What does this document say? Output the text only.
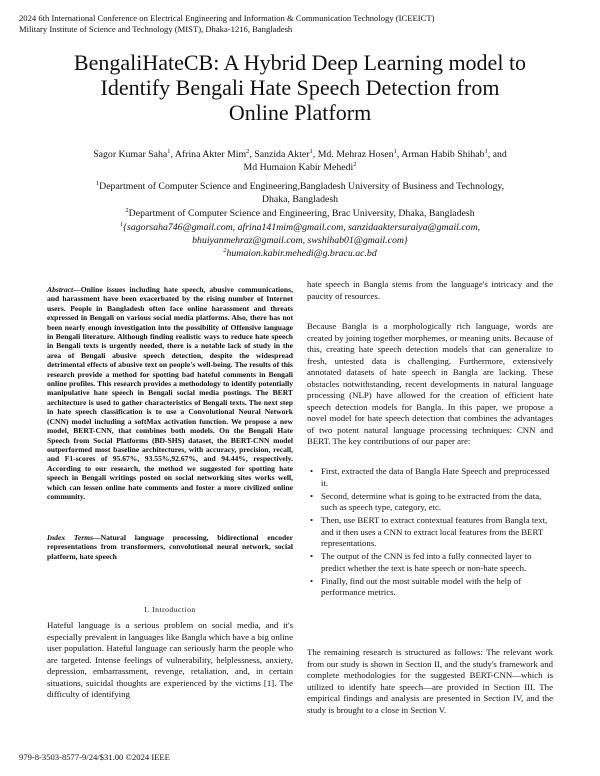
2024 6th International Conference on Electrical Engineering and Information & Communication Technology (ICEEICT)
Military Institute of Science and Technology (MIST), Dhaka-1216, Bangladesh
BengaliHateCB: A Hybrid Deep Learning model to
Identify Bengali Hate Speech Detection from
Online Platform
Sagor Kumar Saha$^1$, Afrina Akter Mim$^2$, Sanzida Akter$^1$, Md. Mehraz Hosen$^1$, Arman Habib Shihab$^1$, and
Md Humaion Kabir Mehedi$^2$
$^1$Department of Computer Science and Engineering,Bangladesh University of Business and Technology,
Dhaka, Bangladesh
$^2$Department of Computer Science and Engineering, Brac University, Dhaka, Bangladesh
$^1${sagorsaha746@gmail.com, afrina141mim@gmail.com, sanzidaaktersuraiya@gmail.com,
bhuiyanmehraz@gmail.com, swshihab01@gmail.com}
$^2$humaion.kabir.mehedi@g.bracu.ac.bd

Abstract—Online issues including hate speech, abusive communications, and harassment have been exacerbated by the rising number of Internet users. People in Bangladesh often face online harassment and threats expressed in Bengali on various social media platforms. Also, there has not been nearly enough investigation into the possibility of Offensive language in Bengali literature. Although finding realistic ways to reduce hate speech in Bengali texts is urgently needed, there is a notable lack of study in the area of Bengali abusive speech detection, despite the widespread detrimental effects of abusive text on people's well-being. The results of this research provide a method for spotting bad hateful comments in Bengali online profiles. This research provides a methodology to identify potentially manipulative hate speech in Bengali social media postings. The BERT architecture is used to gather characteristics of Bengali texts. The next step in hate speech classification is to use a Convolutional Neural Network (CNN) model including a softMax activation function. We propose a new model, BERT-CNN, that combines both models. On the Bengali Hate Speech from Social Platforms (BD-SHS) dataset, the BERT-CNN model outperformed most baseline architectures, with accuracy, precision, recall, and F1-scores of 95.67%, 93.55%,92.67%, and 94.44%, respectively. According to our research, the method we suggested for spotting hate speech in Bengali writings posted on social networking sites works well, which can lessen online hate comments and foster a more civilized online community.

Index Terms—Natural language processing, bidirectional encoder representations from transformers, convolutional neural network, social platform, hate speech

I. Introduction

Hateful language is a serious problem on social media, and it's especially prevalent in languages like Bangla which have a big online user population. Hateful language can seriously harm the people who are targeted. Intense feelings of vulnerability, helplessness, anxiety, depression, embarrassment, revenge, retaliation, and, in certain situations, suicidal thoughts are experienced by the victims [1]. The difficulty of identifying

hate speech in Bangla stems from the language's intricacy and the paucity of resources.

Because Bangla is a morphologically rich language, words are created by joining together morphemes, or meaning units. Because of this, creating hate speech detection models that can generalize to fresh, untested data is challenging. Furthermore, extensively annotated datasets of hate speech in Bangla are lacking. These obstacles notwithstanding, recent developments in natural language processing (NLP) have allowed for the creation of efficient hate speech detection models for Bangla. In this paper, we propose a novel model for hate speech detection that combines the advantages of two potent natural language processing techniques: CNN and BERT. The key contributions of our paper are:

• First, extracted the data of Bangla Hate Speech and preprocessed it.
• Second, determine what is going to be extracted from the data, such as speech type, category, etc.
• Then, use BERT to extract contextual features from Bangla text, and it then uses a CNN to extract local features from the BERT representations.
• The output of the CNN is fed into a fully connected layer to predict whether the text is hate speech or non-hate speech.
• Finally, find out the most suitable model with the help of performance metrics.

The remaining research is structured as follows: The relevant work from our study is shown in Section II, and the study's framework and complete methodologies for the suggested BERT-CNN—which is utilized to identify hate speech—are provided in Section III. The empirical findings and analysis are presented in Section IV, and the study is brought to a close in Section V.

979-8-3503-8577-9/24/$31.00 ©2024 IEEE
